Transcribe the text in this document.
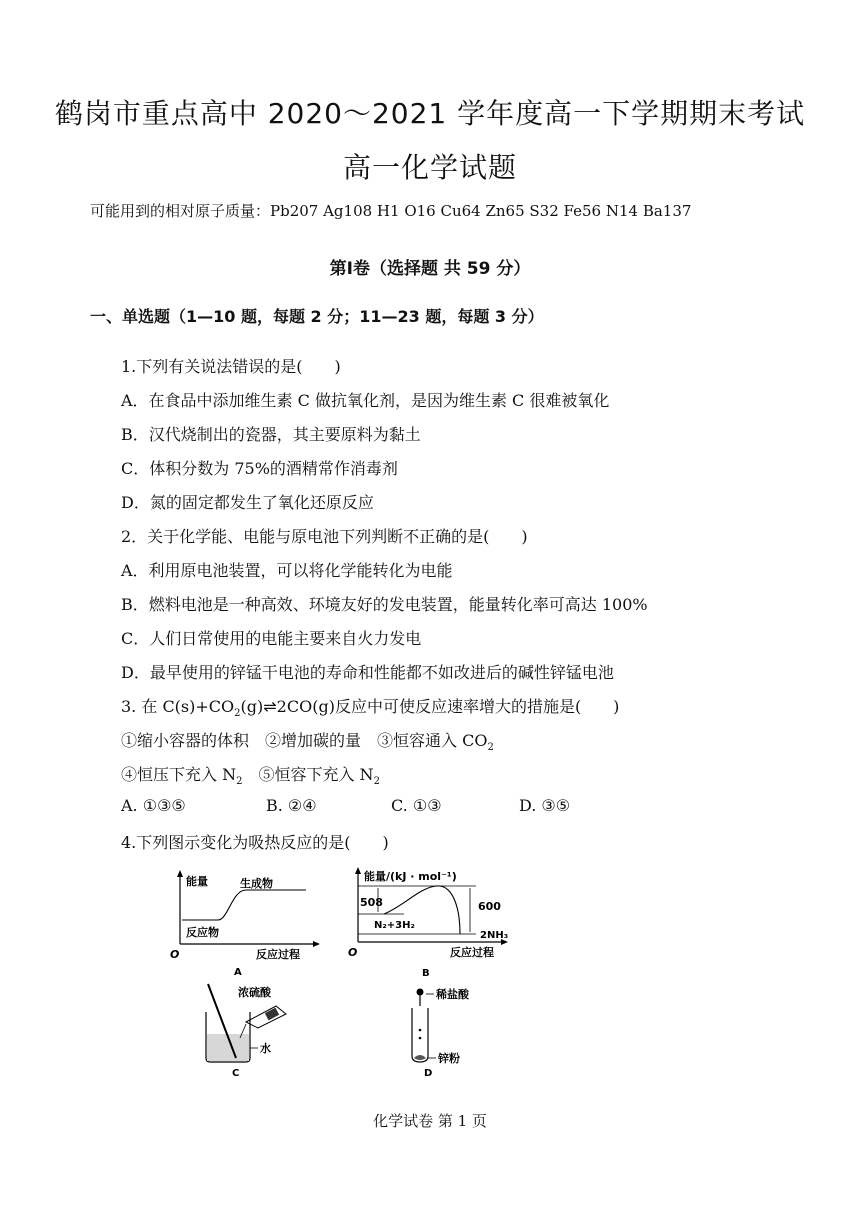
鹤岗市重点高中 2020～2021 学年度高一下学期期末考试
高一化学试题
可能用到的相对原子质量：Pb207 Ag108 H1 O16 Cu64 Zn65 S32 Fe56 N14 Ba137
第Ⅰ卷（选择题 共 59 分）
一、单选题（1—10 题，每题 2 分；11—23 题，每题 3 分）
1.下列有关说法错误的是(　　)
A．在食品中添加维生素 C 做抗氧化剂，是因为维生素 C 很难被氧化
B．汉代烧制出的瓷器，其主要原料为黏土
C．体积分数为 75%的酒精常作消毒剂
D．氮的固定都发生了氧化还原反应
2．关于化学能、电能与原电池下列判断不正确的是(　　)
A．利用原电池装置，可以将化学能转化为电能
B．燃料电池是一种高效、环境友好的发电装置，能量转化率可高达 100%
C．人们日常使用的电能主要来自火力发电
D．最早使用的锌锰干电池的寿命和性能都不如改进后的碱性锌锰电池
3. 在 $C(s)+CO_2(g)\rightleftharpoons 2CO(g)$反应中可使反应速率增大的措施是(　　)
①缩小容器的体积　②增加碳的量　③恒容通入 $CO_2$
④恒压下充入 $N_2$　⑤恒容下充入 $N_2$
A. ①③⑤	B. ②④	C. ①③	D. ③⑤
4.下列图示变化为吸热反应的是(　　)
能量	生成物
反应物
O	反应过程
A
能量/(kJ · mol⁻¹)
508	600
N₂+3H₂
2NH₃
O	反应过程
B
浓硫酸
水
C
稀盐酸
锌粉
D
化学试卷 第 1 页
